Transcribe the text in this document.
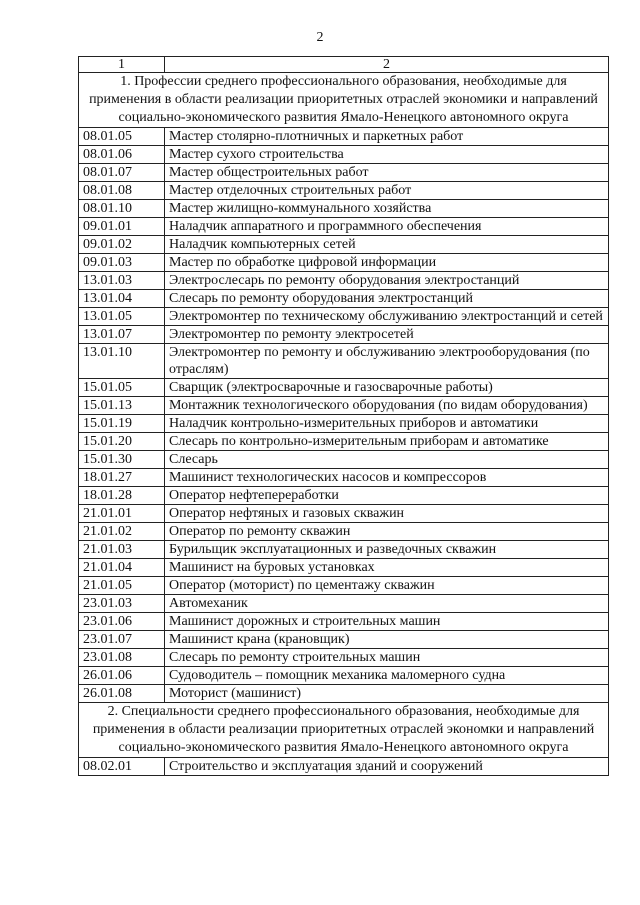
2
1	2
1. Профессии среднего профессионального образования, необходимые для применения в области реализации приоритетных отраслей экономики и направлений социально-экономического развития Ямало-Ненецкого автономного округа	
08.01.05	Мастер столярно-плотничных и паркетных работ
08.01.06	Мастер сухого строительства
08.01.07	Мастер общестроительных работ
08.01.08	Мастер отделочных строительных работ
08.01.10	Мастер жилищно-коммунального хозяйства
09.01.01	Наладчик аппаратного и программного обеспечения
09.01.02	Наладчик компьютерных сетей
09.01.03	Мастер по обработке цифровой информации
13.01.03	Электрослесарь по ремонту оборудования электростанций
13.01.04	Слесарь по ремонту оборудования электростанций
13.01.05	Электромонтер по техническому обслуживанию электростанций и сетей
13.01.07	Электромонтер по ремонту электросетей
13.01.10	Электромонтер по ремонту и обслуживанию электрооборудования (по отраслям)
15.01.05	Сварщик (электросварочные и газосварочные работы)
15.01.13	Монтажник технологического оборудования (по видам оборудования)
15.01.19	Наладчик контрольно-измерительных приборов и автоматики
15.01.20	Слесарь по контрольно-измерительным приборам и автоматике
15.01.30	Слесарь
18.01.27	Машинист технологических насосов и компрессоров
18.01.28	Оператор нефтепереработки
21.01.01	Оператор нефтяных и газовых скважин
21.01.02	Оператор по ремонту скважин
21.01.03	Бурильщик эксплуатационных и разведочных скважин
21.01.04	Машинист на буровых установках
21.01.05	Оператор (моторист) по цементажу скважин
23.01.03	Автомеханик
23.01.06	Машинист дорожных и строительных машин
23.01.07	Машинист крана (крановщик)
23.01.08	Слесарь по ремонту строительных машин
26.01.06	Судоводитель – помощник механика маломерного судна
26.01.08	Моторист (машинист)
2. Специальности среднего профессионального образования, необходимые для применения в области реализации приоритетных отраслей экономки и направлений социально-экономического развития Ямало-Ненецкого автономного округа	
08.02.01	Строительство и эксплуатация зданий и сооружений
